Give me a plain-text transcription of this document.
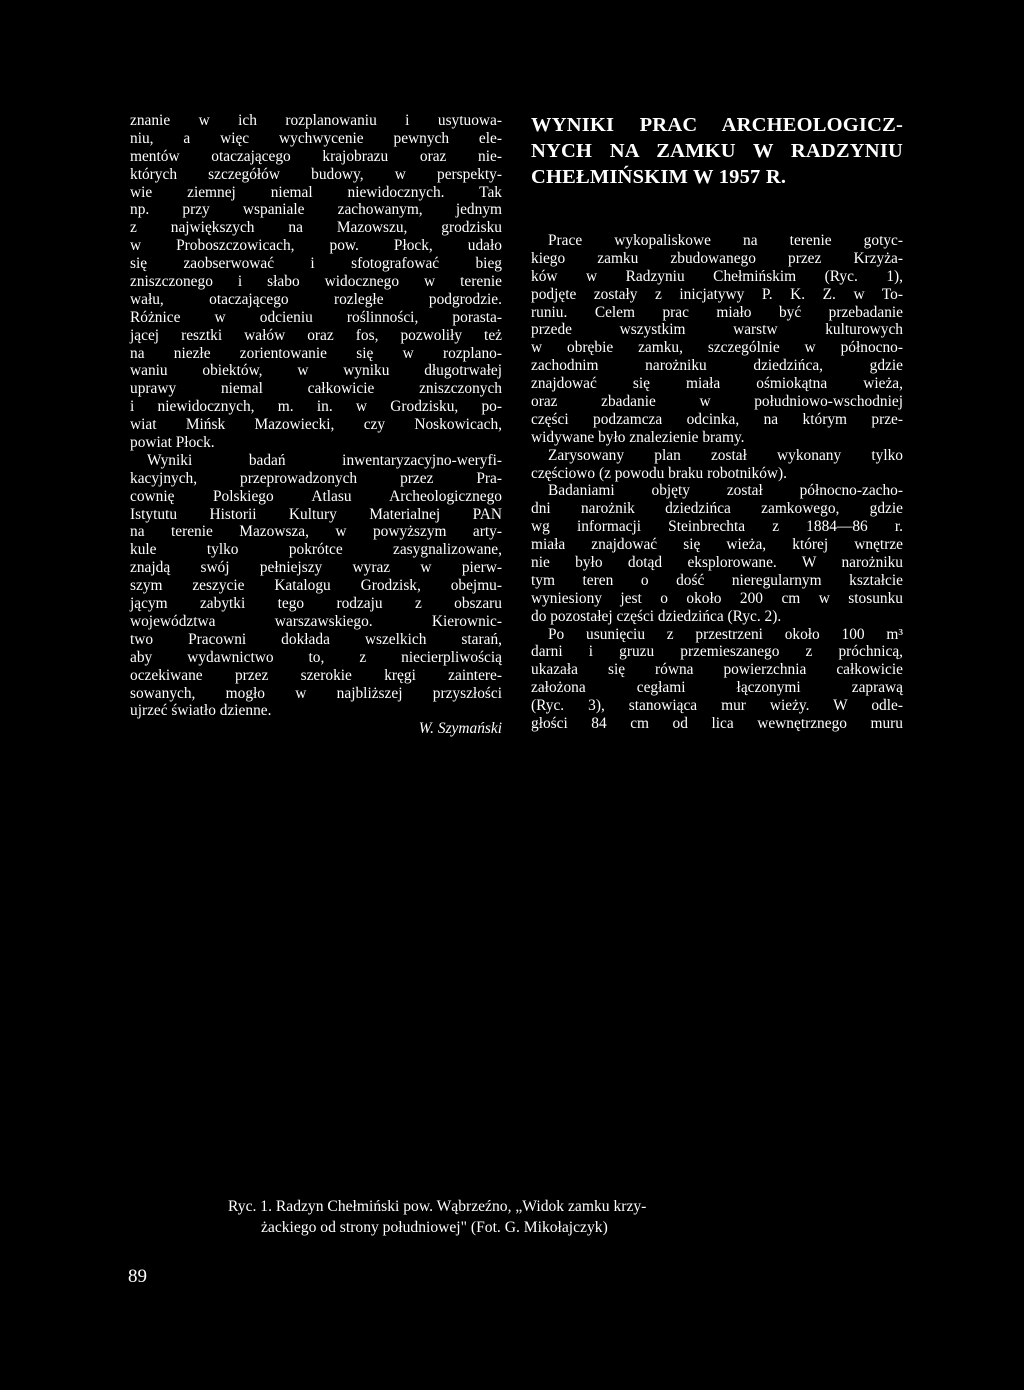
znanie w ich rozplanowaniu i usytuowa-
niu, a więc wychwycenie pewnych ele-
mentów otaczającego krajobrazu oraz nie-
których szczegółów budowy, w perspekty-
wie ziemnej niemal niewidocznych. Tak
np. przy wspaniale zachowanym, jednym
z największych na Mazowszu, grodzisku
w Proboszczowicach, pow. Płock, udało
się zaobserwować i sfotografować bieg
zniszczonego i słabo widocznego w terenie
wału, otaczającego rozległe podgrodzie.
Różnice w odcieniu roślinności, porasta-
jącej resztki wałów oraz fos, pozwoliły też
na niezłe zorientowanie się w rozplano-
waniu obiektów, w wyniku długotrwałej
uprawy niemal całkowicie zniszczonych
i niewidocznych, m. in. w Grodzisku, po-
wiat Mińsk Mazowiecki, czy Noskowicach,
powiat Płock.
Wyniki badań inwentaryzacyjno-weryfi-
kacyjnych, przeprowadzonych przez Pra-
cownię Polskiego Atlasu Archeologicznego
Istytutu Historii Kultury Materialnej PAN
na terenie Mazowsza, w powyższym arty-
kule tylko pokrótce zasygnalizowane,
znajdą swój pełniejszy wyraz w pierw-
szym zeszycie Katalogu Grodzisk, obejmu-
jącym zabytki tego rodzaju z obszaru
województwa warszawskiego. Kierownic-
two Pracowni dokłada wszelkich starań,
aby wydawnictwo to, z niecierpliwością
oczekiwane przez szerokie kręgi zaintere-
sowanych, mogło w najbliższej przyszłości
ujrzeć światło dzienne.
W. Szymański
WYNIKI PRAC ARCHEOLOGICZ-
NYCH NA ZAMKU W RADZYNIU
CHEŁMIŃSKIM W 1957 R.
Prace wykopaliskowe na terenie gotyc-
kiego zamku zbudowanego przez Krzyża-
ków w Radzyniu Chełmińskim (Ryc. 1),
podjęte zostały z inicjatywy P. K. Z. w To-
runiu. Celem prac miało być przebadanie
przede wszystkim warstw kulturowych
w obrębie zamku, szczególnie w północno-
zachodnim narożniku dziedzińca, gdzie
znajdować się miała ośmiokątna wieża,
oraz zbadanie w południowo-wschodniej
części podzamcza odcinka, na którym prze-
widywane było znalezienie bramy.
Zarysowany plan został wykonany tylko
częściowo (z powodu braku robotników).
Badaniami objęty został północno-zacho-
dni narożnik dziedzińca zamkowego, gdzie
wg informacji Steinbrechta z 1884—86 r.
miała znajdować się wieża, której wnętrze
nie było dotąd eksplorowane. W narożniku
tym teren o dość nieregularnym kształcie
wyniesiony jest o około 200 cm w stosunku
do pozostałej części dziedzińca (Ryc. 2).
Po usunięciu z przestrzeni około 100 m³
darni i gruzu przemieszanego z próchnicą,
ukazała się równa powierzchnia całkowicie
założona cegłami łączonymi zaprawą
(Ryc. 3), stanowiąca mur wieży. W odle-
głości 84 cm od lica wewnętrznego muru
Ryc. 1. Radzyn Chełmiński pow. Wąbrzeźno, „Widok zamku krzy-
żackiego od strony południowej" (Fot. G. Mikołajczyk)
89
